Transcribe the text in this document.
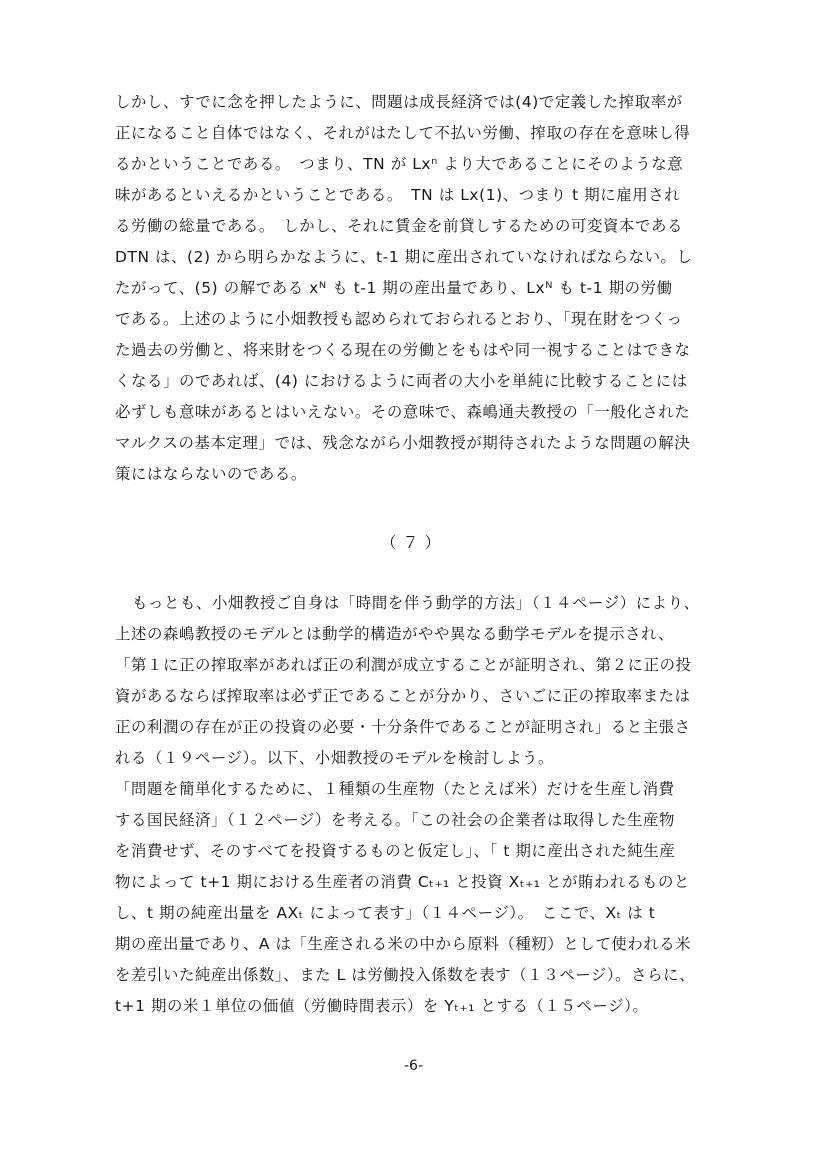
しかし、すでに念を押したように、問題は成長経済では(4)で定義した搾取率が
正になること自体ではなく、それがはたして不払い労働、搾取の存在を意味し得
るかということである。　つまり、TN が Lxⁿ より大であることにそのような意
味があるといえるかということである。　TN は Lx(1)、つまり t 期に雇用され
る労働の総量である。　しかし、それに賃金を前貸しするための可変資本である
DTN は、(2) から明らかなように、t-1 期に産出されていなければならない。し
たがって、(5) の解である xᴺ も t-1 期の産出量であり、Lxᴺ も t-1 期の労働
である。上述のように小畑教授も認められておられるとおり、「現在財をつくっ
た過去の労働と、将来財をつくる現在の労働とをもはや同一視することはできな
くなる」のであれば、(4) におけるように両者の大小を単純に比較することには
必ずしも意味があるとはいえない。その意味で、森嶋通夫教授の「一般化された
マルクスの基本定理」では、残念ながら小畑教授が期待されたような問題の解決
策にはならないのである。
（７）
もっとも、小畑教授ご自身は「時間を伴う動学的方法」（１４ページ）により、
上述の森嶋教授のモデルとは動学的構造がやや異なる動学モデルを提示され、
「第１に正の搾取率があれば正の利潤が成立することが証明され、第２に正の投
資があるならば搾取率は必ず正であることが分かり、さいごに正の搾取率または
正の利潤の存在が正の投資の必要・十分条件であることが証明され」ると主張さ
れる（１９ページ）。以下、小畑教授のモデルを検討しよう。
「問題を簡単化するために、１種類の生産物（たとえば米）だけを生産し消費
する国民経済」（１２ページ）を考える。「この社会の企業者は取得した生産物
を消費せず、そのすべてを投資するものと仮定し」、「 t 期に産出された純生産
物によって t+1 期における生産者の消費 Cₜ₊₁ と投資 Xₜ₊₁ とが賄われるものと
し、t 期の純産出量を AXₜ によって表す」（１４ページ）。　ここで、Xₜ は t
期の産出量であり、A は「生産される米の中から原料（種籾）として使われる米
を差引いた純産出係数」、また L は労働投入係数を表す（１３ページ）。さらに、
t+1 期の米１単位の価値（労働時間表示）を Yₜ₊₁ とする（１５ページ）。
-6-
